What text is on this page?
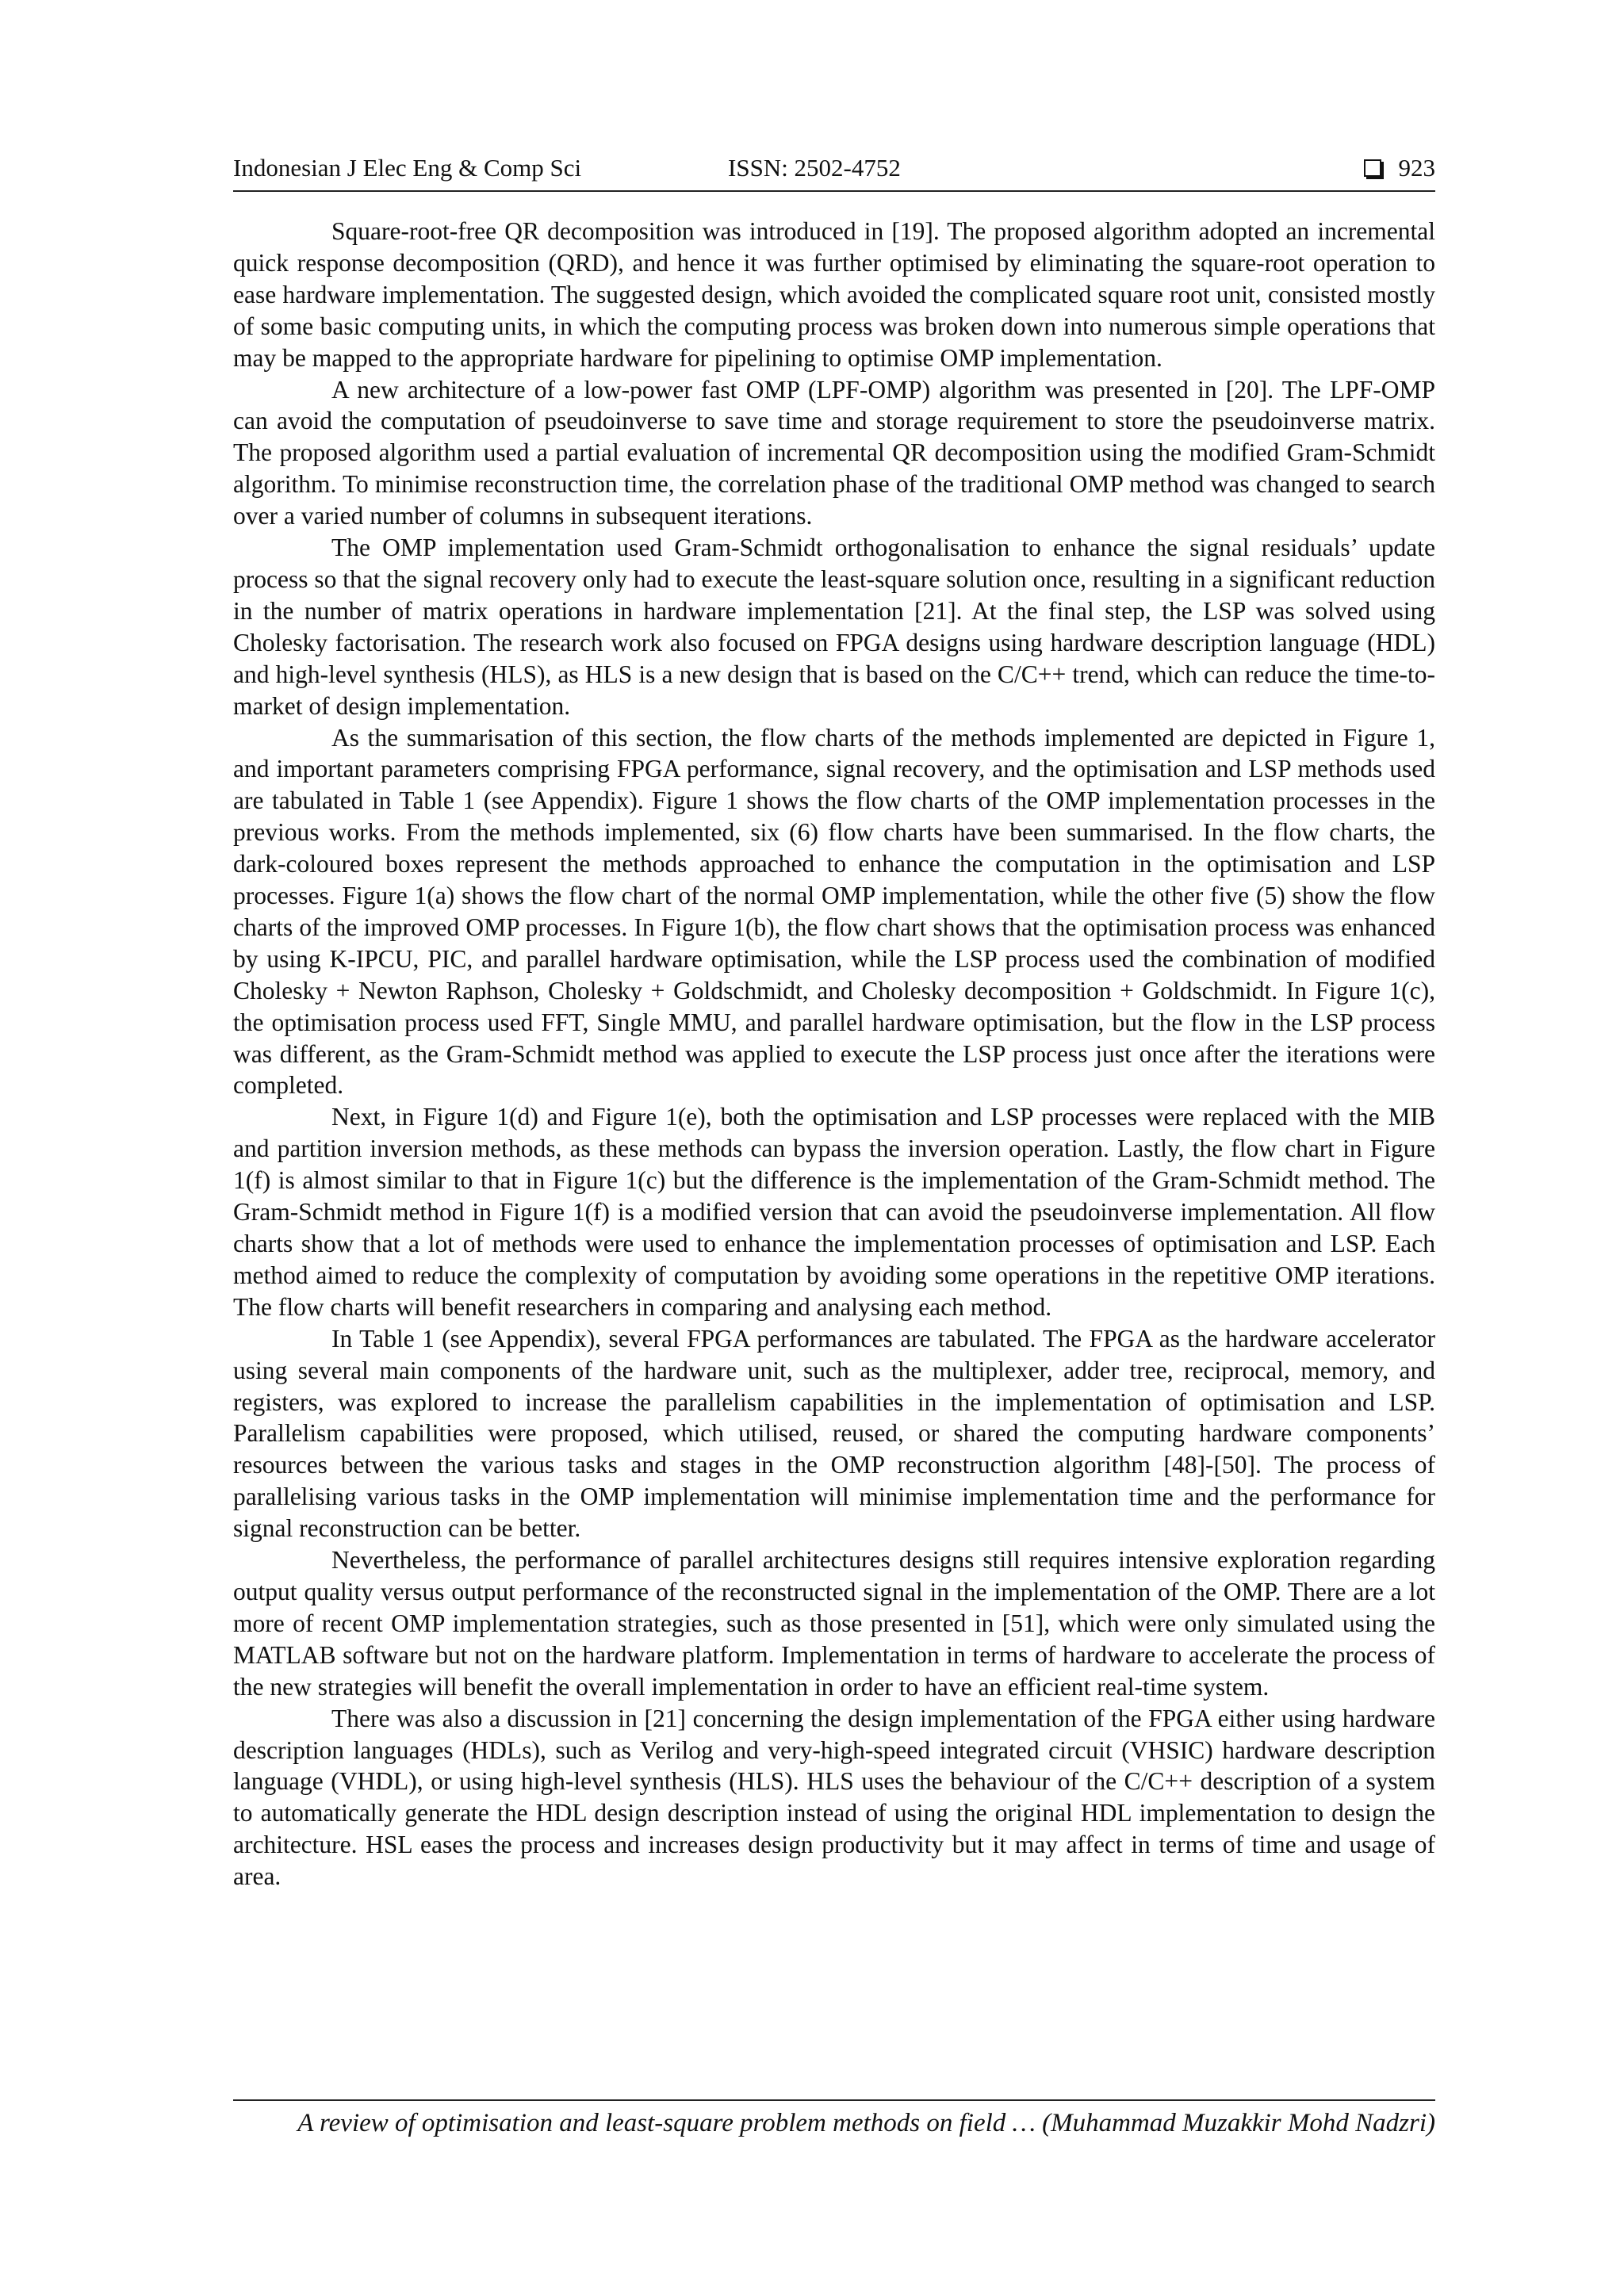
Indonesian J Elec Eng & Comp Sci	ISSN: 2502-4752	923

Square-root-free QR decomposition was introduced in [19]. The proposed algorithm adopted an incremental quick response decomposition (QRD), and hence it was further optimised by eliminating the square-root operation to ease hardware implementation. The suggested design, which avoided the complicated square root unit, consisted mostly of some basic computing units, in which the computing process was broken down into numerous simple operations that may be mapped to the appropriate hardware for pipelining to optimise OMP implementation.

A new architecture of a low-power fast OMP (LPF-OMP) algorithm was presented in [20]. The LPF-OMP can avoid the computation of pseudoinverse to save time and storage requirement to store the pseudoinverse matrix. The proposed algorithm used a partial evaluation of incremental QR decomposition using the modified Gram-Schmidt algorithm. To minimise reconstruction time, the correlation phase of the traditional OMP method was changed to search over a varied number of columns in subsequent iterations.

The OMP implementation used Gram-Schmidt orthogonalisation to enhance the signal residuals’ update process so that the signal recovery only had to execute the least-square solution once, resulting in a significant reduction in the number of matrix operations in hardware implementation [21]. At the final step, the LSP was solved using Cholesky factorisation. The research work also focused on FPGA designs using hardware description language (HDL) and high-level synthesis (HLS), as HLS is a new design that is based on the C/C++ trend, which can reduce the time-to-market of design implementation.

As the summarisation of this section, the flow charts of the methods implemented are depicted in Figure 1, and important parameters comprising FPGA performance, signal recovery, and the optimisation and LSP methods used are tabulated in Table 1 (see Appendix). Figure 1 shows the flow charts of the OMP implementation processes in the previous works. From the methods implemented, six (6) flow charts have been summarised. In the flow charts, the dark-coloured boxes represent the methods approached to enhance the computation in the optimisation and LSP processes. Figure 1(a) shows the flow chart of the normal OMP implementation, while the other five (5) show the flow charts of the improved OMP processes. In Figure 1(b), the flow chart shows that the optimisation process was enhanced by using K-IPCU, PIC, and parallel hardware optimisation, while the LSP process used the combination of modified Cholesky + Newton Raphson, Cholesky + Goldschmidt, and Cholesky decomposition + Goldschmidt. In Figure 1(c), the optimisation process used FFT, Single MMU, and parallel hardware optimisation, but the flow in the LSP process was different, as the Gram-Schmidt method was applied to execute the LSP process just once after the iterations were completed.

Next, in Figure 1(d) and Figure 1(e), both the optimisation and LSP processes were replaced with the MIB and partition inversion methods, as these methods can bypass the inversion operation. Lastly, the flow chart in Figure 1(f) is almost similar to that in Figure 1(c) but the difference is the implementation of the Gram-Schmidt method. The Gram-Schmidt method in Figure 1(f) is a modified version that can avoid the pseudoinverse implementation. All flow charts show that a lot of methods were used to enhance the implementation processes of optimisation and LSP. Each method aimed to reduce the complexity of computation by avoiding some operations in the repetitive OMP iterations. The flow charts will benefit researchers in comparing and analysing each method.

In Table 1 (see Appendix), several FPGA performances are tabulated. The FPGA as the hardware accelerator using several main components of the hardware unit, such as the multiplexer, adder tree, reciprocal, memory, and registers, was explored to increase the parallelism capabilities in the implementation of optimisation and LSP. Parallelism capabilities were proposed, which utilised, reused, or shared the computing hardware components’ resources between the various tasks and stages in the OMP reconstruction algorithm [48]-[50]. The process of parallelising various tasks in the OMP implementation will minimise implementation time and the performance for signal reconstruction can be better.

Nevertheless, the performance of parallel architectures designs still requires intensive exploration regarding output quality versus output performance of the reconstructed signal in the implementation of the OMP. There are a lot more of recent OMP implementation strategies, such as those presented in [51], which were only simulated using the MATLAB software but not on the hardware platform. Implementation in terms of hardware to accelerate the process of the new strategies will benefit the overall implementation in order to have an efficient real-time system.

There was also a discussion in [21] concerning the design implementation of the FPGA either using hardware description languages (HDLs), such as Verilog and very-high-speed integrated circuit (VHSIC) hardware description language (VHDL), or using high-level synthesis (HLS). HLS uses the behaviour of the C/C++ description of a system to automatically generate the HDL design description instead of using the original HDL implementation to design the architecture. HSL eases the process and increases design productivity but it may affect in terms of time and usage of area.

A review of optimisation and least-square problem methods on field … (Muhammad Muzakkir Mohd Nadzri)
